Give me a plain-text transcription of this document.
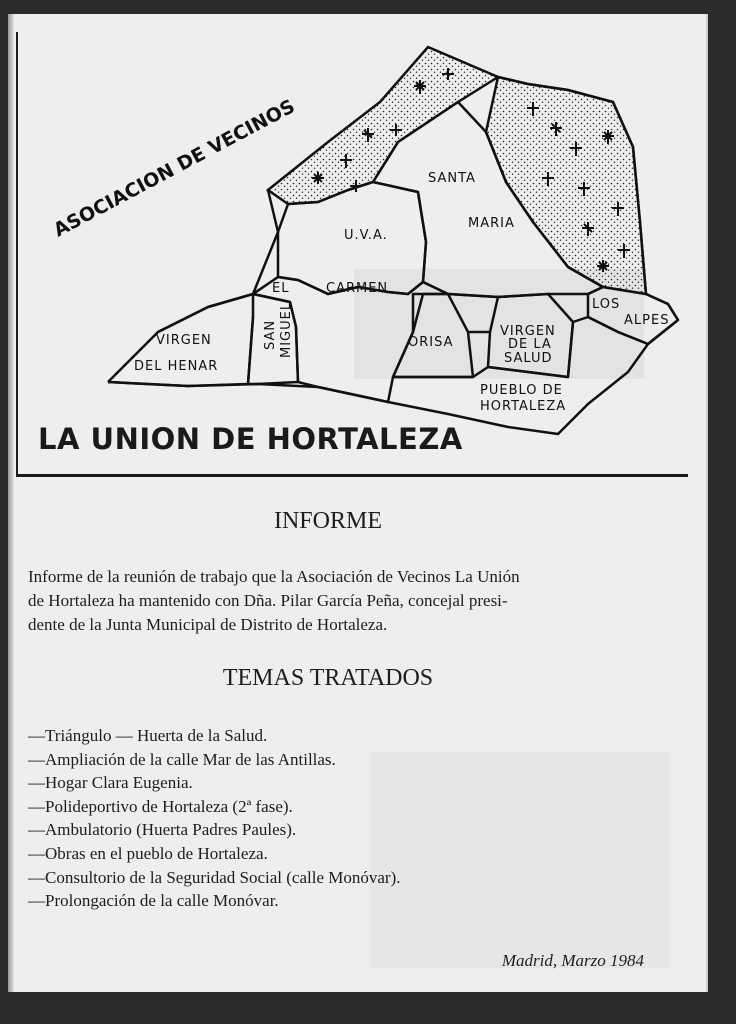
ASOCIACION DE VECINOS	SANTA
MARIA
U.V.A.
EL	CARMEN
VIRGEN
DEL HENAR
SAN MIGUEL	ORISA
VIRGEN
DE LA
SALUD
LOS
ALPES
PUEBLO DE
HORTALEZA
LA UNION DE HORTALEZA
INFORME
Informe de la reunión de trabajo que la Asociación de Vecinos La Unión
de Hortaleza ha mantenido con Dña. Pilar García Peña, concejal presi-
dente de la Junta Municipal de Distrito de Hortaleza.
TEMAS TRATADOS
—Triángulo — Huerta de la Salud.
—Ampliación de la calle Mar de las Antillas.
—Hogar Clara Eugenia.
—Polideportivo de Hortaleza (2ª fase).
—Ambulatorio (Huerta Padres Paules).
—Obras en el pueblo de Hortaleza.
—Consultorio de la Seguridad Social (calle Monóvar).
—Prolongación de la calle Monóvar.
Madrid, Marzo 1984
